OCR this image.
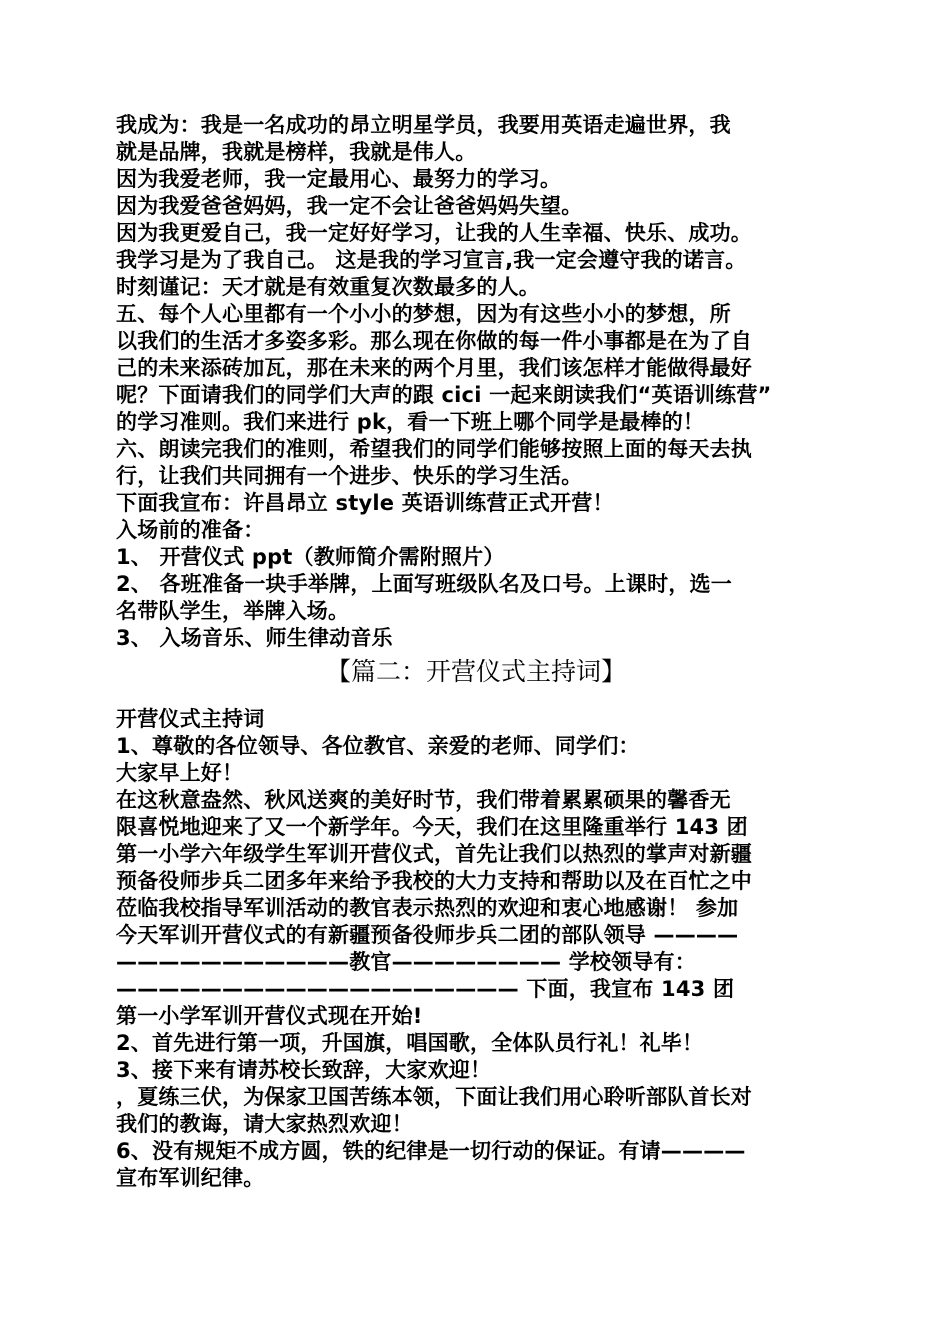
我成为：我是一名成功的昂立明星学员，我要用英语走遍世界，我

就是品牌，我就是榜样，我就是伟人。

因为我爱老师，我一定最用心、最努力的学习。

因为我爱爸爸妈妈，我一定不会让爸爸妈妈失望。

因为我更爱自己，我一定好好学习，让我的人生幸福、快乐、成功。

我学习是为了我自己。 这是我的学习宣言,我一定会遵守我的诺言。

时刻谨记：天才就是有效重复次数最多的人。

五、每个人心里都有一个小小的梦想，因为有这些小小的梦想，所

以我们的生活才多姿多彩。那么现在你做的每一件小事都是在为了自

己的未来添砖加瓦，那在未来的两个月里，我们该怎样才能做得最好

呢？下面请我们的同学们大声的跟 cici 一起来朗读我们“英语训练营”

的学习准则。我们来进行 pk，看一下班上哪个同学是最棒的！

六、朗读完我们的准则，希望我们的同学们能够按照上面的每天去执

行，让我们共同拥有一个进步、快乐的学习生活。

下面我宣布：许昌昂立 style 英语训练营正式开营！

入场前的准备：

1、 开营仪式 ppt（教师简介需附照片）

2、 各班准备一块手举牌，上面写班级队名及口号。上课时，选一

名带队学生，举牌入场。

3、 入场音乐、师生律动音乐

【篇二：开营仪式主持词】

开营仪式主持词

1、尊敬的各位领导、各位教官、亲爱的老师、同学们：

大家早上好！

在这秋意盎然、秋风送爽的美好时节，我们带着累累硕果的馨香无

限喜悦地迎来了又一个新学年。今天，我们在这里隆重举行 143 团

第一小学六年级学生军训开营仪式，首先让我们以热烈的掌声对新疆

预备役师步兵二团多年来给予我校的大力支持和帮助以及在百忙之中

莅临我校指导军训活动的教官表示热烈的欢迎和衷心地感谢！ 参加

今天军训开营仪式的有新疆预备役师步兵二团的部队领导 ————

———————————教官———————— 学校领导有：

——————————————————— 下面，我宣布 143 团

第一小学军训开营仪式现在开始!

2、首先进行第一项，升国旗，唱国歌，全体队员行礼！礼毕！

3、接下来有请苏校长致辞，大家欢迎！

，夏练三伏，为保家卫国苦练本领，下面让我们用心聆听部队首长对

我们的教诲，请大家热烈欢迎！

6、没有规矩不成方圆，铁的纪律是一切行动的保证。有请————

宣布军训纪律。
